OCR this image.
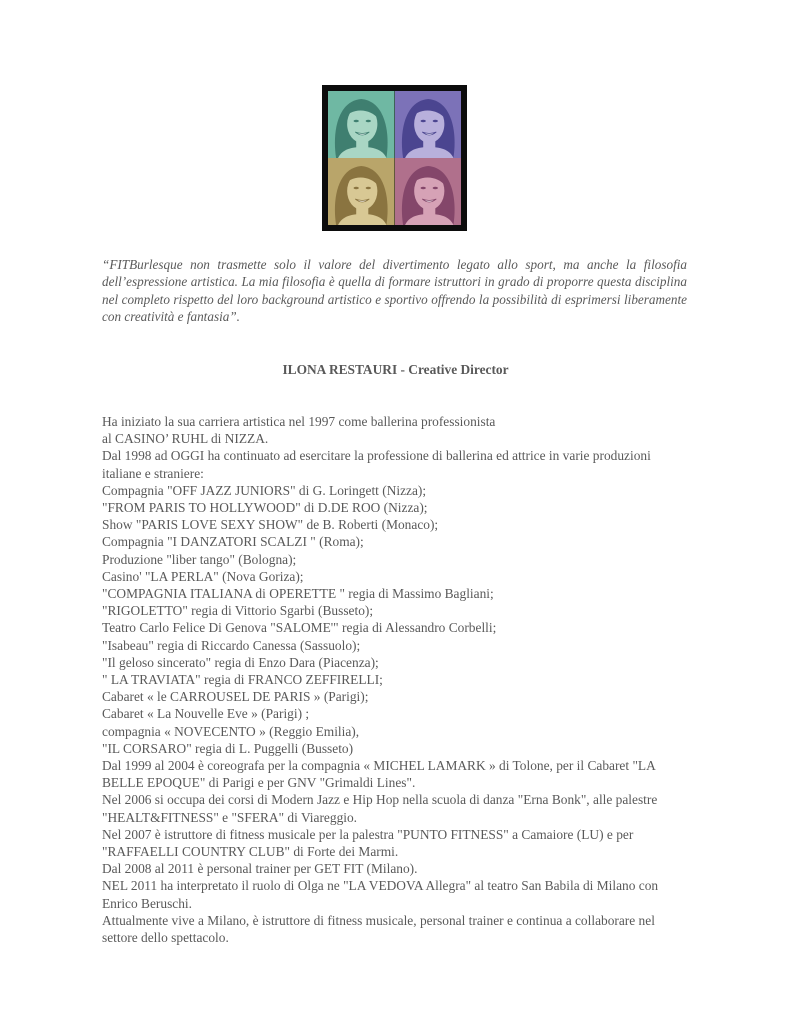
“FITBurlesque non trasmette solo il valore del divertimento legato allo sport, ma anche la filosofia dell’espressione artistica. La mia filosofia è quella di formare istruttori in grado di proporre questa disciplina nel completo rispetto del loro background artistico e sportivo offrendo la possibilità di esprimersi liberamente con creatività e fantasia”.

ILONA RESTAURI - Creative Director
Ha iniziato la sua carriera artistica nel 1997 come ballerina professionista
al CASINO’ RUHL di NIZZA.
Dal 1998 ad OGGI ha continuato ad esercitare la professione di ballerina ed attrice in varie produzioni
italiane e straniere:
Compagnia "OFF JAZZ JUNIORS" di G. Loringett (Nizza);
"FROM PARIS TO HOLLYWOOD" di D.DE ROO (Nizza);
Show "PARIS LOVE SEXY SHOW" de B. Roberti (Monaco);
Compagnia "I DANZATORI SCALZI " (Roma);
Produzione "liber tango" (Bologna);
Casino' "LA PERLA" (Nova Goriza);
"COMPAGNIA ITALIANA di OPERETTE " regia di Massimo Bagliani;
"RIGOLETTO" regia di Vittorio Sgarbi (Busseto);
Teatro Carlo Felice Di Genova "SALOME'" regia di Alessandro Corbelli;
"Isabeau" regia di Riccardo Canessa (Sassuolo);
"Il geloso sincerato" regia di Enzo Dara (Piacenza);
" LA TRAVIATA" regia di FRANCO ZEFFIRELLI;
Cabaret « le CARROUSEL DE PARIS » (Parigi);
Cabaret « La Nouvelle Eve » (Parigi) ;
compagnia « NOVECENTO » (Reggio Emilia),
"IL CORSARO" regia di L. Puggelli (Busseto)
Dal 1999 al 2004 è coreografa per la compagnia « MICHEL LAMARK » di Tolone, per il Cabaret "LA
BELLE EPOQUE" di Parigi e per GNV "Grimaldi Lines".
Nel 2006 si occupa dei corsi di Modern Jazz e Hip Hop nella scuola di danza "Erna Bonk", alle palestre
"HEALT&FITNESS" e "SFERA" di Viareggio.
Nel 2007 è istruttore di fitness musicale per la palestra "PUNTO FITNESS" a Camaiore (LU) e per
"RAFFAELLI COUNTRY CLUB" di Forte dei Marmi.
Dal 2008 al 2011 è personal trainer per GET FIT (Milano).
NEL 2011 ha interpretato il ruolo di Olga ne "LA VEDOVA Allegra" al teatro San Babila di Milano con
Enrico Beruschi.
Attualmente vive a Milano, è istruttore di fitness musicale, personal trainer e continua a collaborare nel
settore dello spettacolo.
